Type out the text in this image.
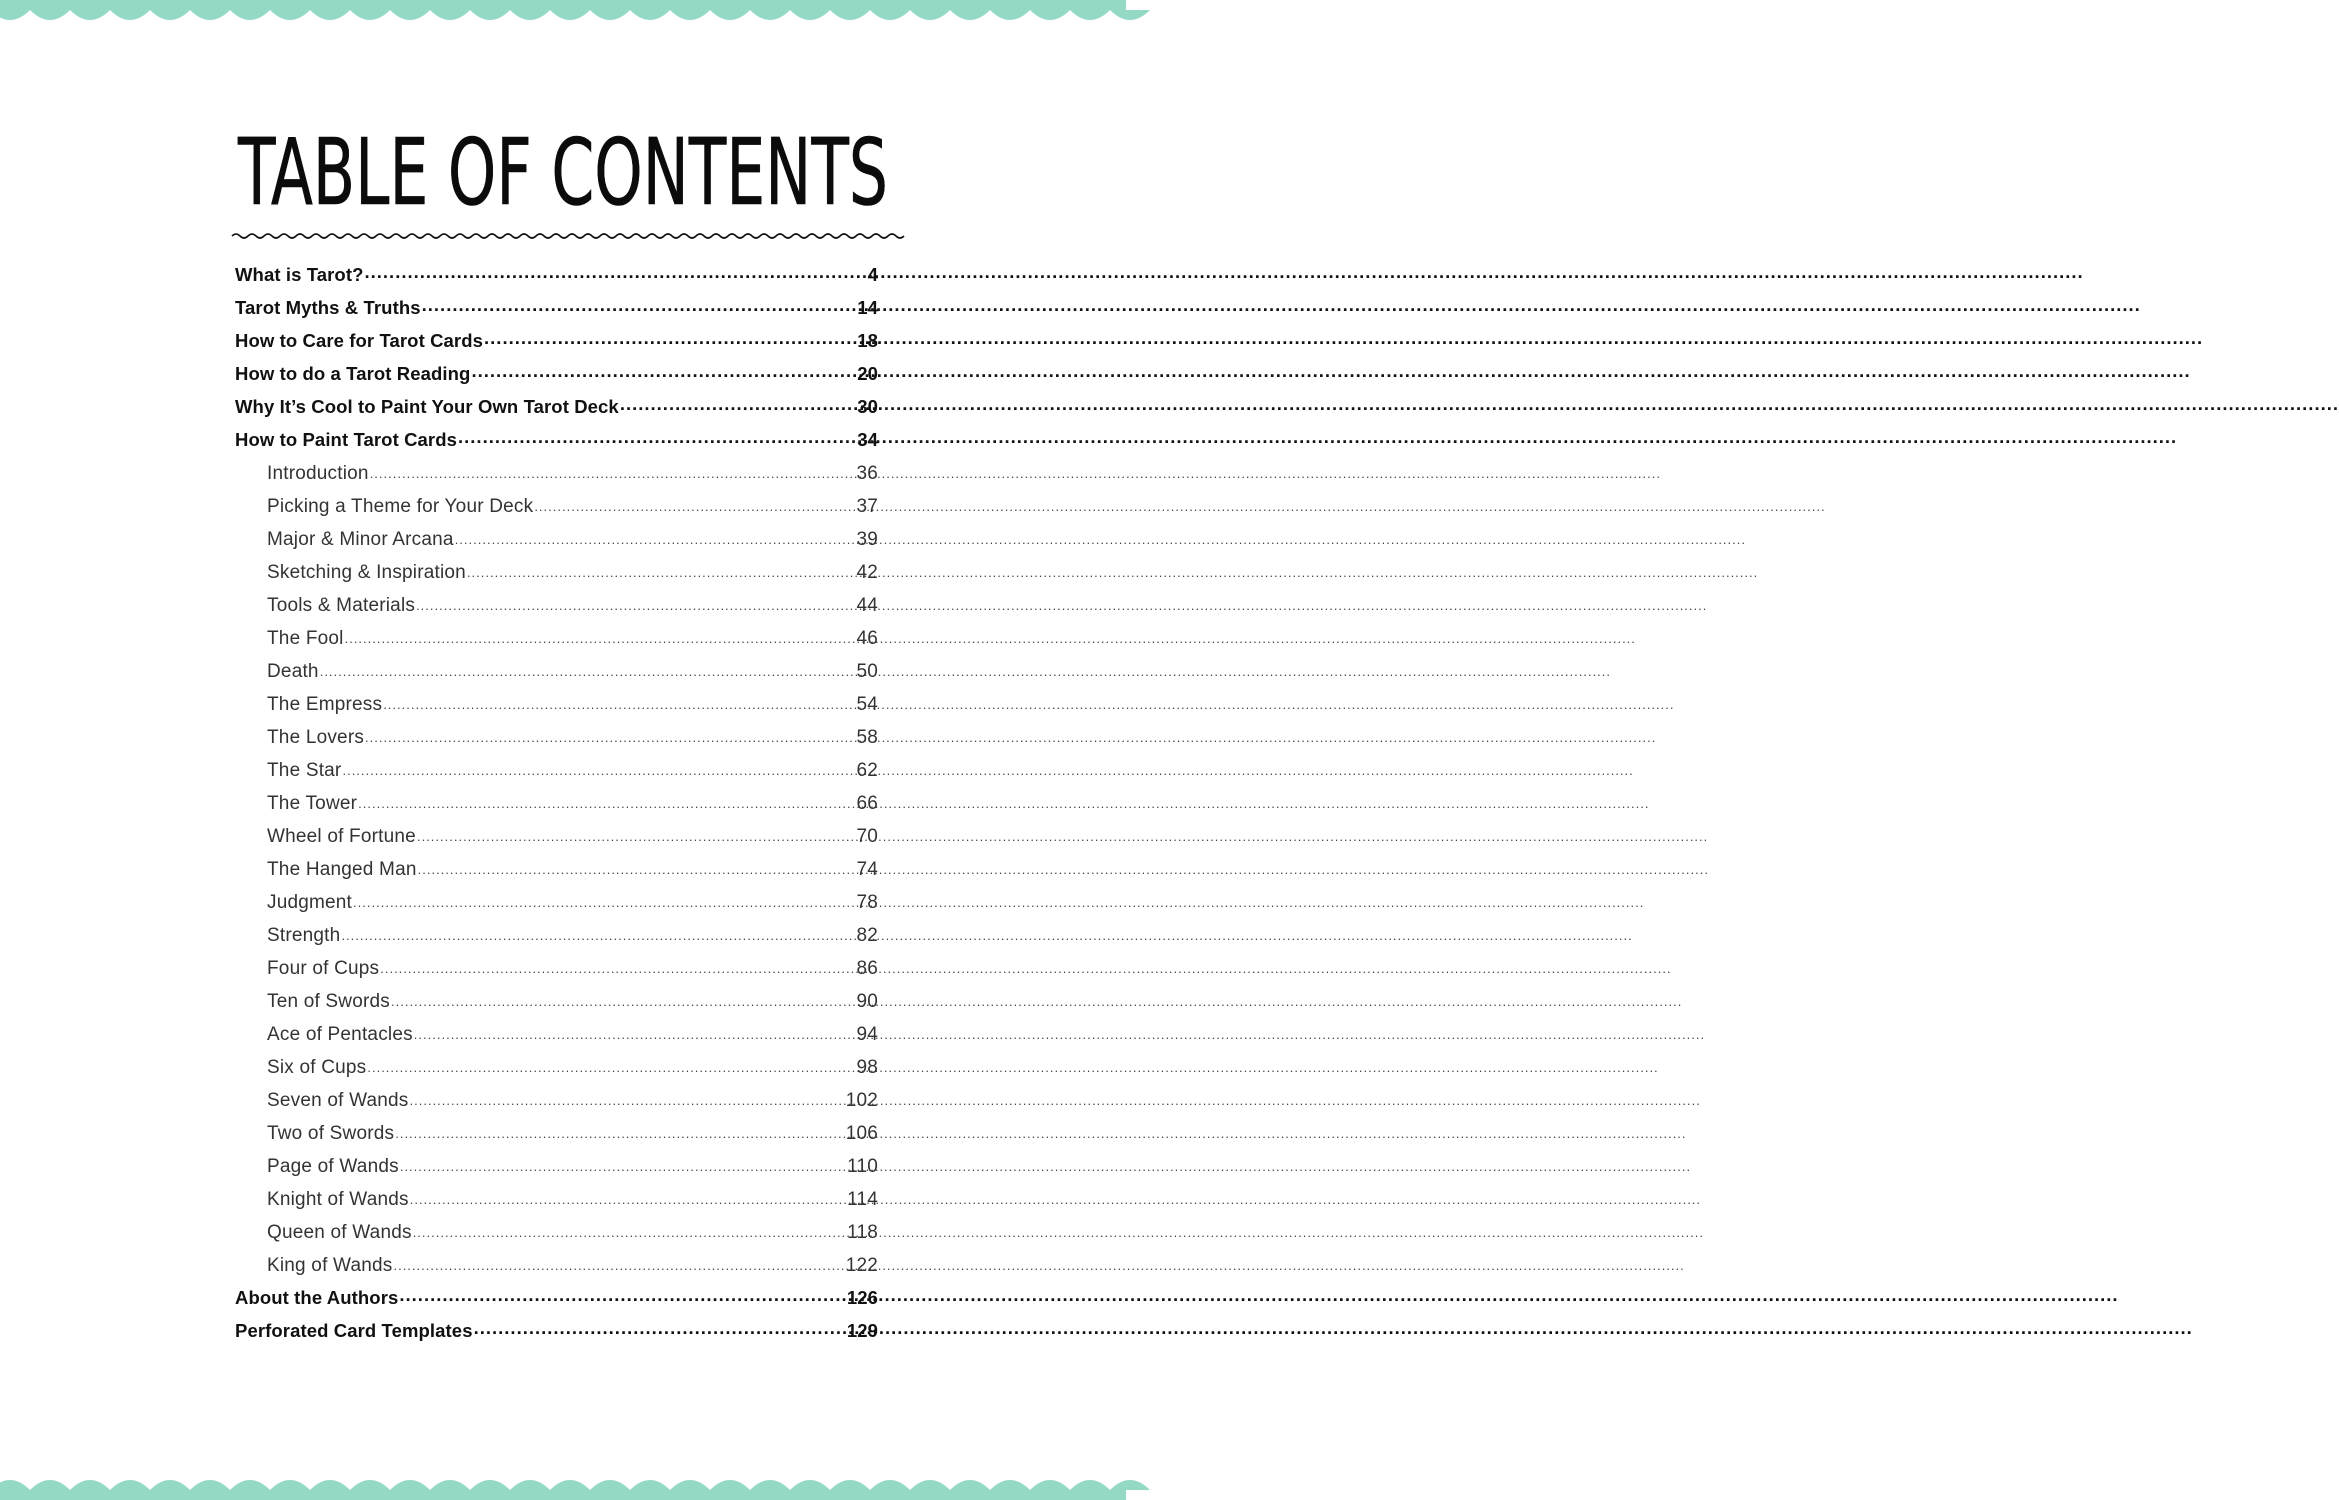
TABLE OF CONTENTS
What is Tarot? .....	4
Tarot Myths & Truths .....	14
How to Care for Tarot Cards .....	18
How to do a Tarot Reading .....	20
Why It’s Cool to Paint Your Own Tarot Deck .....	30
How to Paint Tarot Cards .....	34
Introduction .....	36
Picking a Theme for Your Deck .....	37
Major & Minor Arcana .....	39
Sketching & Inspiration .....	42
Tools & Materials .....	44
The Fool .....	46
Death .....	50
The Empress .....	54
The Lovers .....	58
The Star .....	62
The Tower .....	66
Wheel of Fortune .....	70
The Hanged Man .....	74
Judgment .....	78
Strength .....	82
Four of Cups .....	86
Ten of Swords .....	90
Ace of Pentacles .....	94
Six of Cups .....	98
Seven of Wands .....	102
Two of Swords .....	106
Page of Wands .....	110
Knight of Wands .....	114
Queen of Wands .....	118
King of Wands .....	122
About the Authors .....	126
Perforated Card Templates .....	129
